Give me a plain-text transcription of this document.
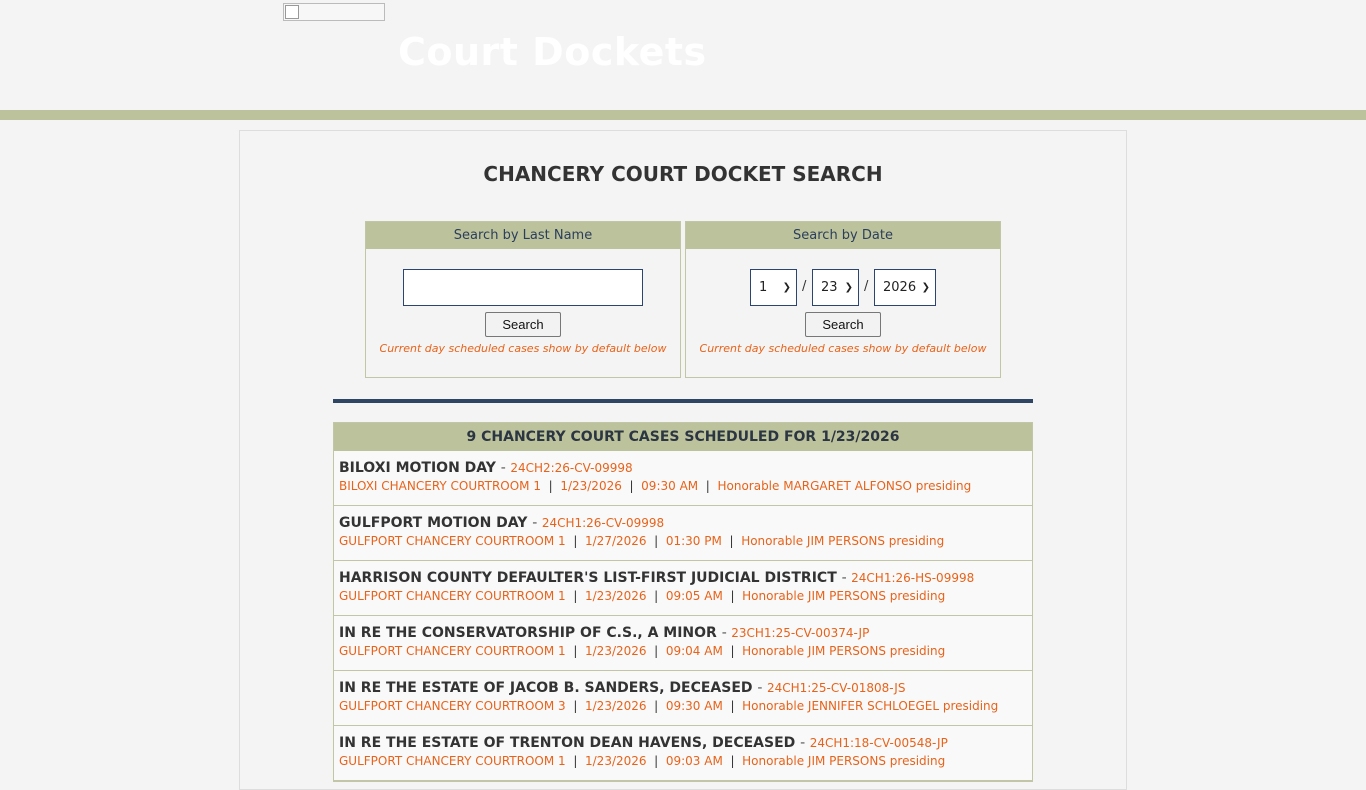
Court Dockets
CHANCERY COURT DOCKET SEARCH
Search by Last Name
Search
Current day scheduled cases show by default below
Search by Date
1 ❯ /	23 ❯ /	2026 ❯
Search
Current day scheduled cases show by default below
9 CHANCERY COURT CASES SCHEDULED FOR 1/23/2026
BILOXI MOTION DAY - 24CH2:26-CV-09998
BILOXI CHANCERY COURTROOM 1  |  1/23/2026  |  09:30 AM  |  Honorable MARGARET ALFONSO presiding
GULFPORT MOTION DAY - 24CH1:26-CV-09998
GULFPORT CHANCERY COURTROOM 1  |  1/27/2026  |  01:30 PM  |  Honorable JIM PERSONS presiding
HARRISON COUNTY DEFAULTER'S LIST-FIRST JUDICIAL DISTRICT - 24CH1:26-HS-09998
GULFPORT CHANCERY COURTROOM 1  |  1/23/2026  |  09:05 AM  |  Honorable JIM PERSONS presiding
IN RE THE CONSERVATORSHIP OF C.S., A MINOR - 23CH1:25-CV-00374-JP
GULFPORT CHANCERY COURTROOM 1  |  1/23/2026  |  09:04 AM  |  Honorable JIM PERSONS presiding
IN RE THE ESTATE OF JACOB B. SANDERS, DECEASED - 24CH1:25-CV-01808-JS
GULFPORT CHANCERY COURTROOM 3  |  1/23/2026  |  09:30 AM  |  Honorable JENNIFER SCHLOEGEL presiding
IN RE THE ESTATE OF TRENTON DEAN HAVENS, DECEASED - 24CH1:18-CV-00548-JP
GULFPORT CHANCERY COURTROOM 1  |  1/23/2026  |  09:03 AM  |  Honorable JIM PERSONS presiding
